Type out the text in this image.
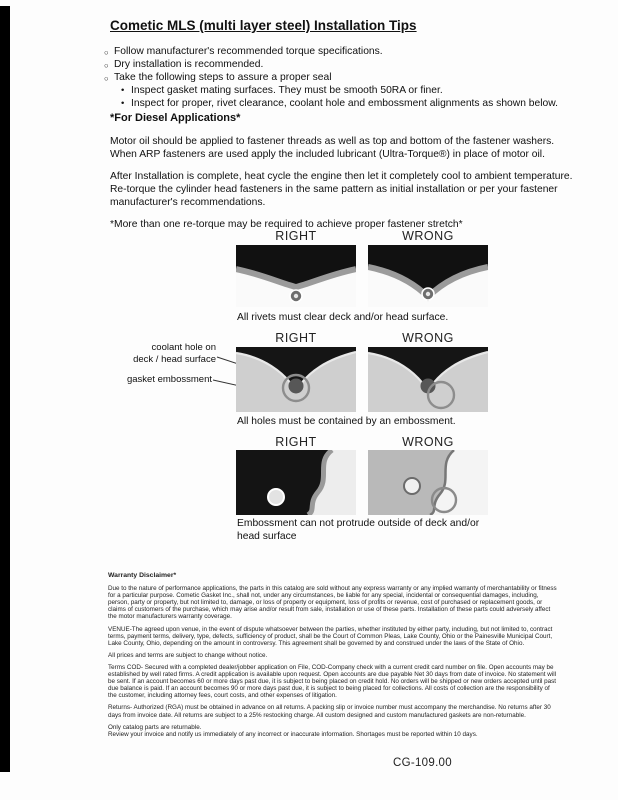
Cometic MLS (multi layer steel) Installation Tips
○ Follow manufacturer's recommended torque specifications.
○ Dry installation is recommended.
○ Take the following steps to assure a proper seal
• Inspect gasket mating surfaces. They must be smooth 50RA or finer.
• Inspect for proper, rivet clearance, coolant hole and embossment alignments as shown below.
*For Diesel Applications*

Motor oil should be applied to fastener threads as well as top and bottom of the fastener washers. When ARP fasteners are used apply the included lubricant (Ultra-Torque®) in place of motor oil.

After Installation is complete, heat cycle the engine then let it completely cool to ambient temperature. Re-torque the cylinder head fasteners in the same pattern as initial installation or per your fastener manufacturer's recommendations.

*More than one re-torque may be required to achieve proper fastener stretch*

RIGHT	WRONG
All rivets must clear deck and/or head surface.
RIGHT	WRONG
coolant hole on
deck / head surface
gasket embossment
All holes must be contained by an embossment.
RIGHT	WRONG
Embossment can not protrude outside of deck and/or head surface
Warranty Disclaimer*

Due to the nature of performance applications, the parts in this catalog are sold without any express warranty or any implied warranty of merchantability or fitness for a particular purpose. Cometic Gasket Inc., shall not, under any circumstances, be liable for any special, incidental or consequential damages, including, person, party or property, but not limited to, damage, or loss of property or equipment, loss of profits or revenue, cost of purchased or replacement goods, or claims of customers of the purchase, which may arise and/or result from sale, installation or use of these parts. Installation of these parts could adversely affect the motor manufacturers warranty coverage.

VENUE-The agreed upon venue, in the event of dispute whatsoever between the parties, whether instituted by either party, including, but not limited to, contract terms, payment terms, delivery, type, defects, sufficiency of product, shall be the Court of Common Pleas, Lake County, Ohio or the Painesville Municipal Court, Lake County, Ohio, depending on the amount in controversy. This agreement shall be governed by and construed under the laws of the State of Ohio.

All prices and terms are subject to change without notice.

Terms COD- Secured with a completed dealer/jobber application on File, COD-Company check with a current credit card number on file. Open accounts may be established by well rated firms. A credit application is available upon request. Open accounts are due payable Net 30 days from date of invoice. No statement will be sent. If an account becomes 60 or more days past due, it is subject to being placed on credit hold. No orders will be shipped or new orders accepted until past due balance is paid. If an account becomes 90 or more days past due, it is subject to being placed for collections. All costs of collection are the responsibility of the customer, including attorney fees, court costs, and other expenses of litigation.

Returns- Authorized (RGA) must be obtained in advance on all returns. A packing slip or invoice number must accompany the merchandise. No returns after 30 days from invoice date. All returns are subject to a 25% restocking charge. All custom designed and custom manufactured gaskets are non-returnable.

Only catalog parts are returnable.

Review your invoice and notify us immediately of any incorrect or inaccurate information. Shortages must be reported within 10 days.

CG-109.00
